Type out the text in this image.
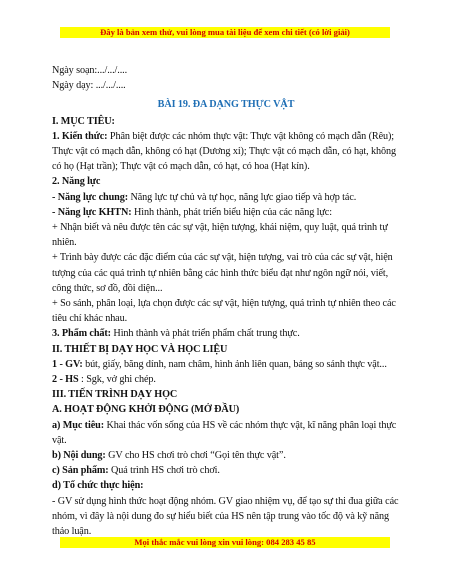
Đây là bản xem thử, vui lòng mua tài liệu để xem chi tiết (có lời giải)

Ngày soạn:.../.../....

Ngày dạy: .../.../....

BÀI 19. ĐA DẠNG THỰC VẬT

I. MỤC TIÊU:

1. Kiến thức: Phân biệt được các nhóm thực vật: Thực vật không có mạch dẫn (Rêu); Thực vật có mạch dẫn, không có hạt (Dương xỉ); Thực vật có mạch dẫn, có hạt, không có họ (Hạt trần); Thực vật có mạch dẫn, có hạt, có hoa (Hạt kín).

2. Năng lực

- Năng lực chung: Năng lực tự chủ và tự học, năng lực giao tiếp và hợp tác.

- Năng lực KHTN: Hình thành, phát triển biểu hiện của các năng lực:

+ Nhận biết và nêu được tên các sự vật, hiện tượng, khái niệm, quy luật, quá trình tự nhiên.

+ Trình bày được các đặc điểm của các sự vật, hiện tượng, vai trò của các sự vật, hiện tượng của các quá trình tự nhiên bằng các hình thức biểu đạt như ngôn ngữ nói, viết, công thức, sơ đồ, đồi diện...

+ So sánh, phân loại, lựa chọn được các sự vật, hiện tượng, quá trình tự nhiên theo các tiêu chí khác nhau.

3. Phẩm chất: Hình thành và phát triển phẩm chất trung thực.

II. THIẾT BỊ DẠY HỌC VÀ HỌC LIỆU

1 - GV: bút, giấy, băng dính, nam châm, hình ảnh liên quan, bảng so sánh thực vật...

2 - HS : Sgk, vở ghi chép.

III. TIẾN TRÌNH DẠY HỌC

A. HOẠT ĐỘNG KHỞI ĐỘNG (MỞ ĐẦU)

a) Mục tiêu: Khai thác vốn sống của HS về các nhóm thực vật, kĩ năng phân loại thực vật.

b) Nội dung: GV cho HS chơi trò chơi “Gọi tên thực vật”.

c) Sản phẩm: Quá trình HS chơi trò chơi.

d) Tổ chức thực hiện:

- GV sử dụng hình thức hoạt động nhóm. GV giao nhiệm vụ, để tạo sự thi đua giữa các nhóm, vì đây là nội dung đo sự hiểu biết của HS nên tập trung vào tốc độ và kỹ năng thảo luận.

Mọi thắc mắc vui lòng xin vui lòng: 084 283 45 85
